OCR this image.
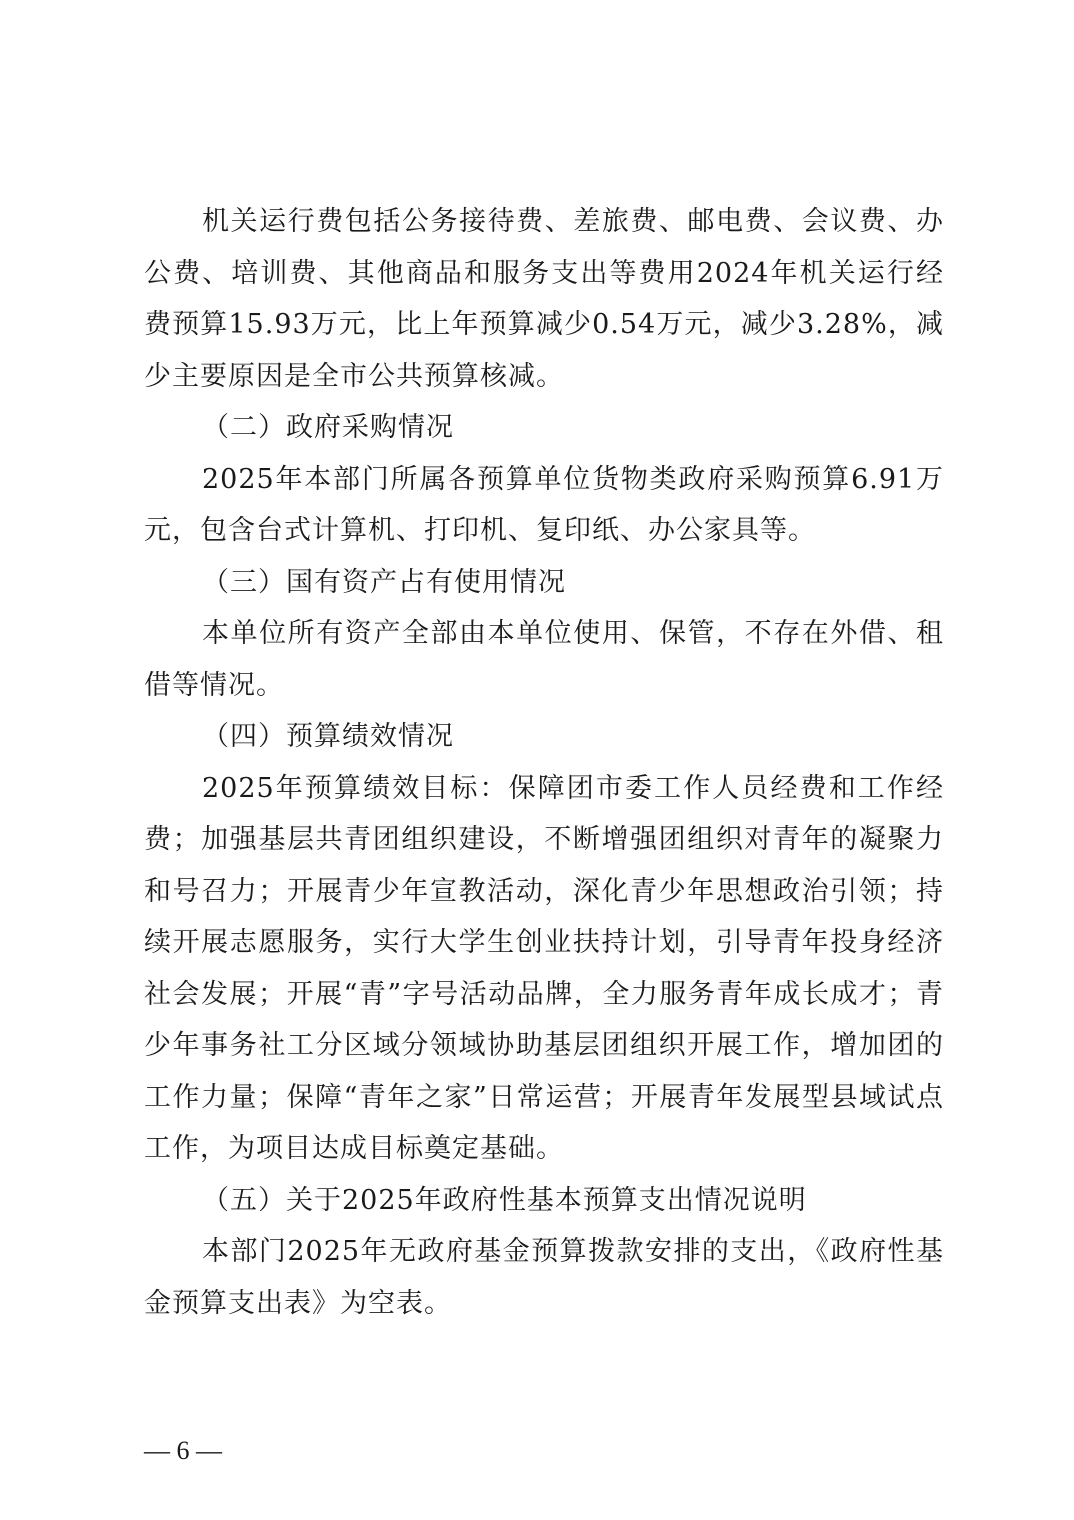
机关运行费包括公务接待费、差旅费、邮电费、会议费、办公费、培训费、其他商品和服务支出等费用2024年机关运行经费预算15.93万元，比上年预算减少0.54万元，减少3.28%，减少主要原因是全市公共预算核减。

（二）政府采购情况

2025年本部门所属各预算单位货物类政府采购预算6.91万元，包含台式计算机、打印机、复印纸、办公家具等。

（三）国有资产占有使用情况

本单位所有资产全部由本单位使用、保管，不存在外借、租借等情况。

（四）预算绩效情况

2025年预算绩效目标：保障团市委工作人员经费和工作经费；加强基层共青团组织建设，不断增强团组织对青年的凝聚力和号召力；开展青少年宣教活动，深化青少年思想政治引领；持续开展志愿服务，实行大学生创业扶持计划，引导青年投身经济社会发展；开展“青”字号活动品牌，全力服务青年成长成才；青少年事务社工分区域分领域协助基层团组织开展工作，增加团的工作力量；保障“青年之家”日常运营；开展青年发展型县域试点工作，为项目达成目标奠定基础。

（五）关于2025年政府性基本预算支出情况说明

本部门2025年无政府基金预算拨款安排的支出，《政府性基金预算支出表》为空表。

— 6 —
